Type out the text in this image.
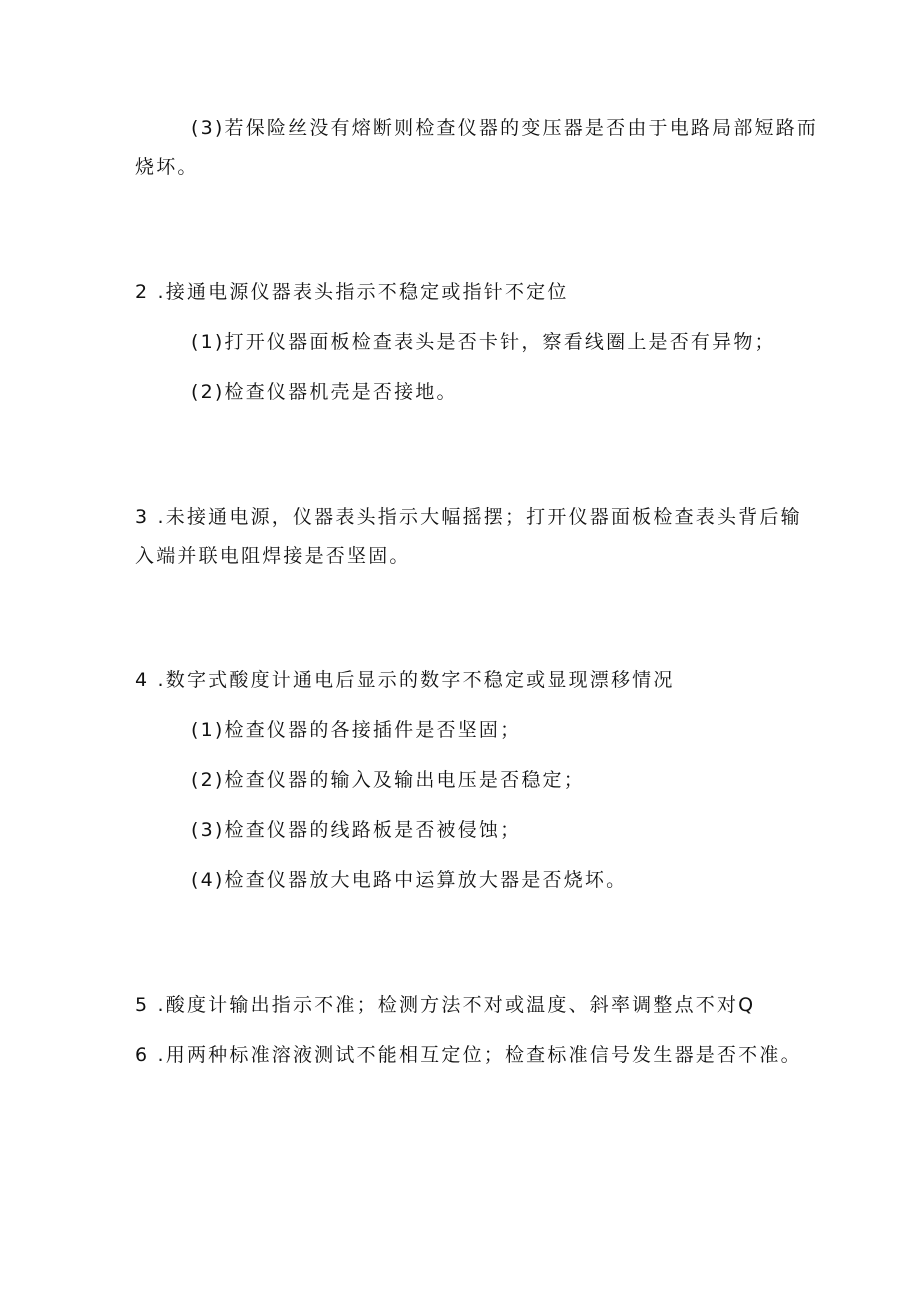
(3)若保险丝没有熔断则检查仪器的变压器是否由于电路局部短路而
烧坏。
2 .接通电源仪器表头指示不稳定或指针不定位
(1)打开仪器面板检查表头是否卡针，察看线圈上是否有异物；
(2)检查仪器机壳是否接地。
3 .未接通电源，仪器表头指示大幅摇摆；打开仪器面板检查表头背后输
入端并联电阻焊接是否坚固。
4 .数字式酸度计通电后显示的数字不稳定或显现漂移情况
(1)检查仪器的各接插件是否坚固；
(2)检查仪器的输入及输出电压是否稳定；
(3)检查仪器的线路板是否被侵蚀；
(4)检查仪器放大电路中运算放大器是否烧坏。
5 .酸度计输出指示不准；检测方法不对或温度、斜率调整点不对Q
6 .用两种标准溶液测试不能相互定位；检查标准信号发生器是否不准。
